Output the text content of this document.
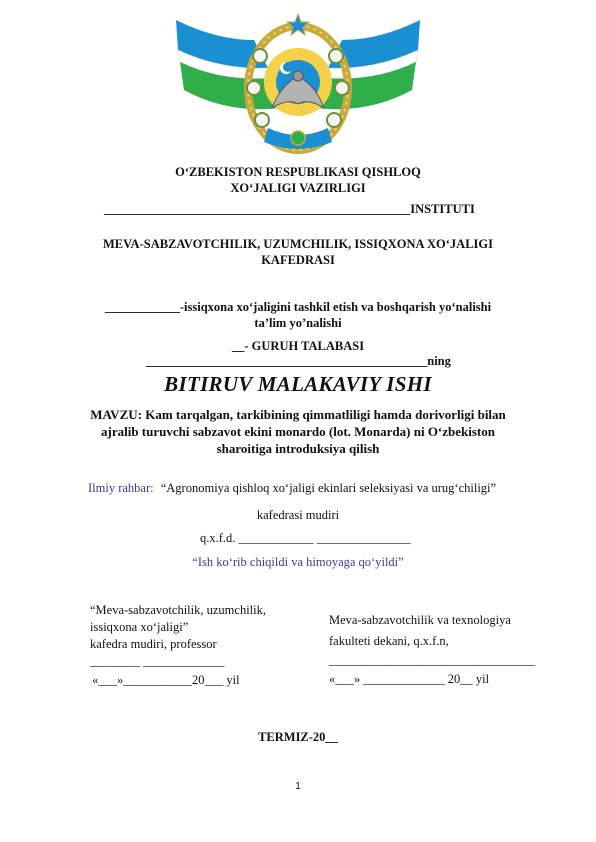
O‘ZBEKISTON RESPUBLIKASI QISHLOQ
XO‘JALIGI VAZIRLIGI
_________________________________________________INSTITUTI
MEVA-SABZAVOTCHILIK, UZUMCHILIK, ISSIQXONA XO‘JALIGI
KAFEDRASI
____________-issiqxona xo‘jaligini tashkil etish va boshqarish yo‘nalishi
ta’lim yo’nalishi
__- GURUH TALABASI
_____________________________________________ning
BITIRUV MALAKAVIY ISHI
MAVZU: Kam tarqalgan, tarkibining qimmatliligi hamda dorivorligi bilan
ajralib turuvchi sabzavot ekini monardo (lot. Monarda) ni O‘zbekiston
sharoitiga introduksiya qilish
Ilmiy rahbar: “Agronomiya qishloq xo‘jaligi ekinlari seleksiyasi va urug‘chiligi”
kafedrasi mudiri
q.x.f.d. ____________ _______________
“Ish ko‘rib chiqildi va himoyaga qo‘yildi”
“Meva-sabzavotchilik, uzumchilik,
issiqxona xo‘jaligi”
kafedra mudiri, professor
________ _____________
«___»___________20___ yil
Meva-sabzavotchilik va texnologiya
fakulteti dekani, q.x.f.n,
_________________________________
«___» _____________ 20__ yil
TERMIZ-20__
1
